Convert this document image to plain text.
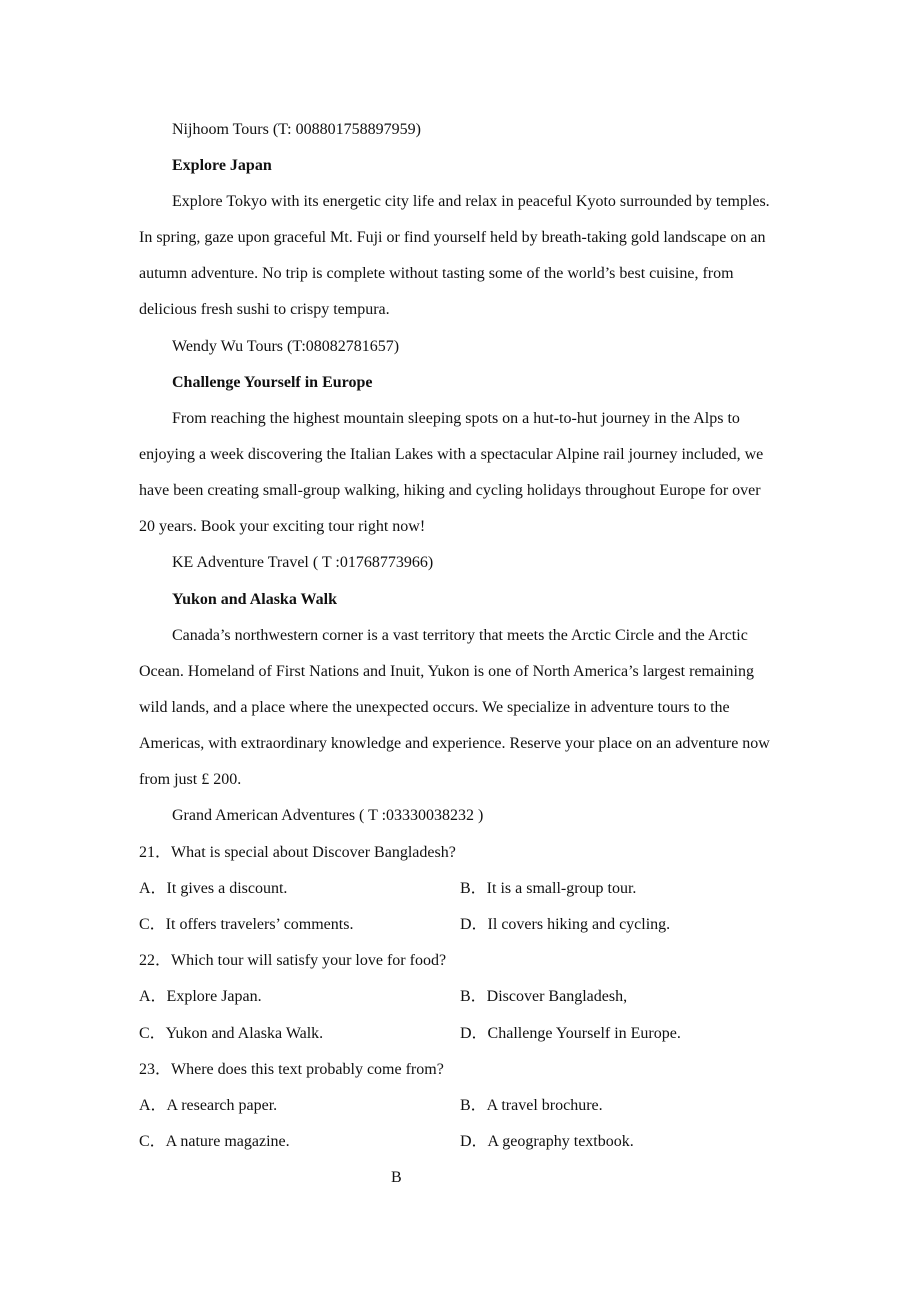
Nijhoom Tours (T: 008801758897959)
Explore Japan
Explore Tokyo with its energetic city life and relax in peaceful Kyoto surrounded by temples.
In spring, gaze upon graceful Mt. Fuji or find yourself held by breath-taking gold landscape on an
autumn adventure. No trip is complete without tasting some of the world’s best cuisine, from
delicious fresh sushi to crispy tempura.
Wendy Wu Tours (T:08082781657)
Challenge Yourself in Europe
From reaching the highest mountain sleeping spots on a hut-to-hut journey in the Alps to
enjoying a week discovering the Italian Lakes with a spectacular Alpine rail journey included, we
have been creating small-group walking, hiking and cycling holidays throughout Europe for over
20 years. Book your exciting tour right now!
KE Adventure Travel ( T :01768773966)
Yukon and Alaska Walk
Canada’s northwestern corner is a vast territory that meets the Arctic Circle and the Arctic
Ocean. Homeland of First Nations and Inuit, Yukon is one of North America’s largest remaining
wild lands, and a place where the unexpected occurs. We specialize in adventure tours to the
Americas, with extraordinary knowledge and experience. Reserve your place on an adventure now
from just £ 200.
Grand American Adventures ( T :03330038232 )
21．What is special about Discover Bangladesh?
A．It gives a discount.	B．It is a small-group tour.
C．It offers travelers’ comments.	D．Il covers hiking and cycling.
22．Which tour will satisfy your love for food?
A．Explore Japan.	B．Discover Bangladesh,
C．Yukon and Alaska Walk.	D．Challenge Yourself in Europe.
23．Where does this text probably come from?
A．A research paper.	B．A travel brochure.
C．A nature magazine.	D．A geography textbook.
B
